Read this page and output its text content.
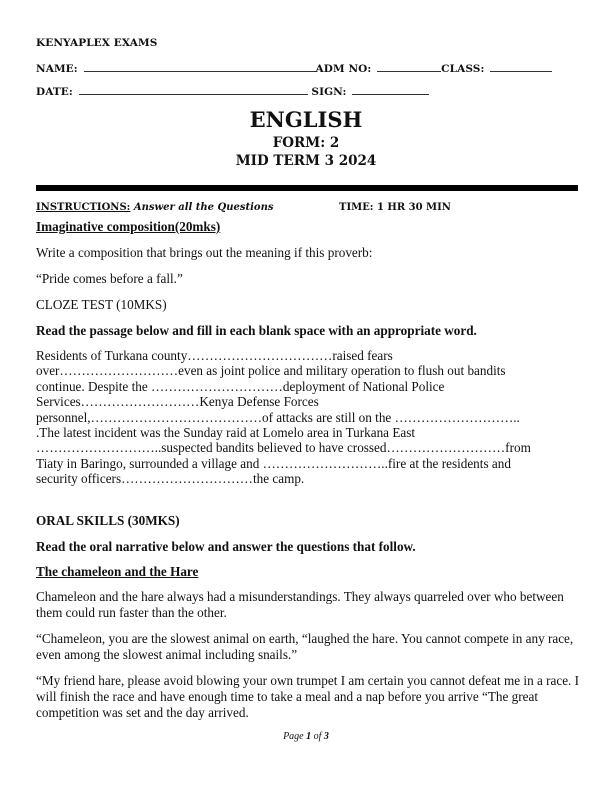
KENYAPLEX EXAMS
NAME:	ADM NO:	CLASS:
DATE:	SIGN:
ENGLISH
FORM: 2
MID TERM 3 2024
INSTRUCTIONS: Answer all the Questions	TIME: 1 HR 30 MIN
Imaginative composition(20mks)
Write a composition that brings out the meaning if this proverb:
“Pride comes before a fall.”
CLOZE TEST (10MKS)
Read the passage below and fill in each blank space with an appropriate word.
Residents of Turkana county……………………………raised fears
over………………………even as joint police and military operation to flush out bandits
continue. Despite the …………………………deployment of National Police
Services………………………Kenya Defense Forces
personnel,…………………………………of attacks are still on the ………………………..
.The latest incident was the Sunday raid at Lomelo area in Turkana East
………………………..suspected bandits believed to have crossed………………………from
Tiaty in Baringo, surrounded a village and ………………………..fire at the residents and
security officers…………………………the camp.
ORAL SKILLS (30MKS)
Read the oral narrative below and answer the questions that follow.
The chameleon and the Hare
Chameleon and the hare always had a misunderstandings. They always quarreled over who between them could run faster than the other.
“Chameleon, you are the slowest animal on earth, “laughed the hare. You cannot compete in any race, even among the slowest animal including snails.”
“My friend hare, please avoid blowing your own trumpet I am certain you cannot defeat me in a race. I will finish the race and have enough time to take a meal and a nap before you arrive “The great competition was set and the day arrived.
Page 1 of 3
